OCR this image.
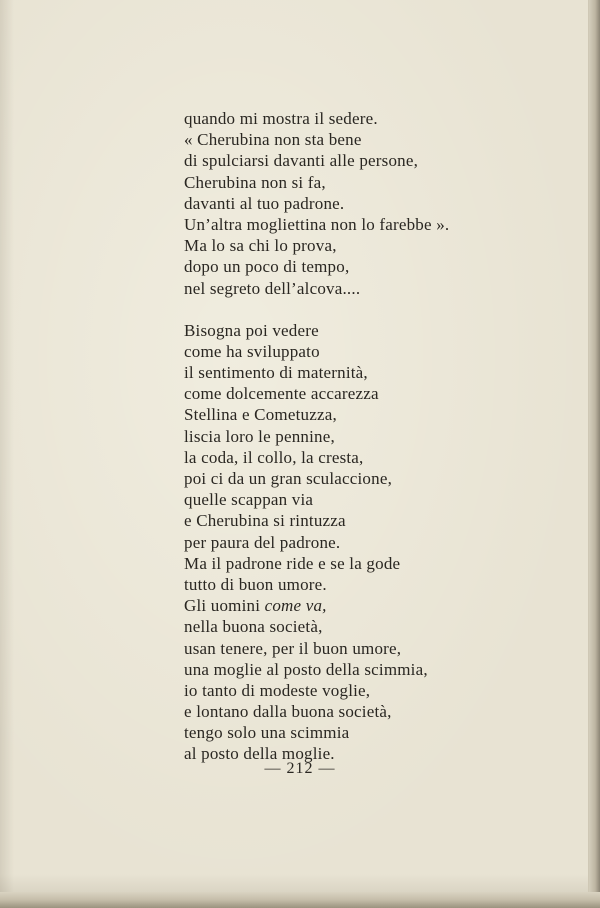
quando mi mostra il sedere.
« Cherubina non sta bene
di spulciarsi davanti alle persone,
Cherubina non si fa,
davanti al tuo padrone.
Un’altra mogliettina non lo farebbe ».
Ma lo sa chi lo prova,
dopo un poco di tempo,
nel segreto dell’alcova....
Bisogna poi vedere
come ha sviluppato
il sentimento di maternità,
come dolcemente accarezza
Stellina e Cometuzza,
liscia loro le pennine,
la coda, il collo, la cresta,
poi ci da un gran sculaccione,
quelle scappan via
e Cherubina si rintuzza
per paura del padrone.
Ma il padrone ride e se la gode
tutto di buon umore.
Gli uomini come va,
nella buona società,
usan tenere, per il buon umore,
una moglie al posto della scimmia,
io tanto di modeste voglie,
e lontano dalla buona società,
tengo solo una scimmia
al posto della moglie.
— 212 —
